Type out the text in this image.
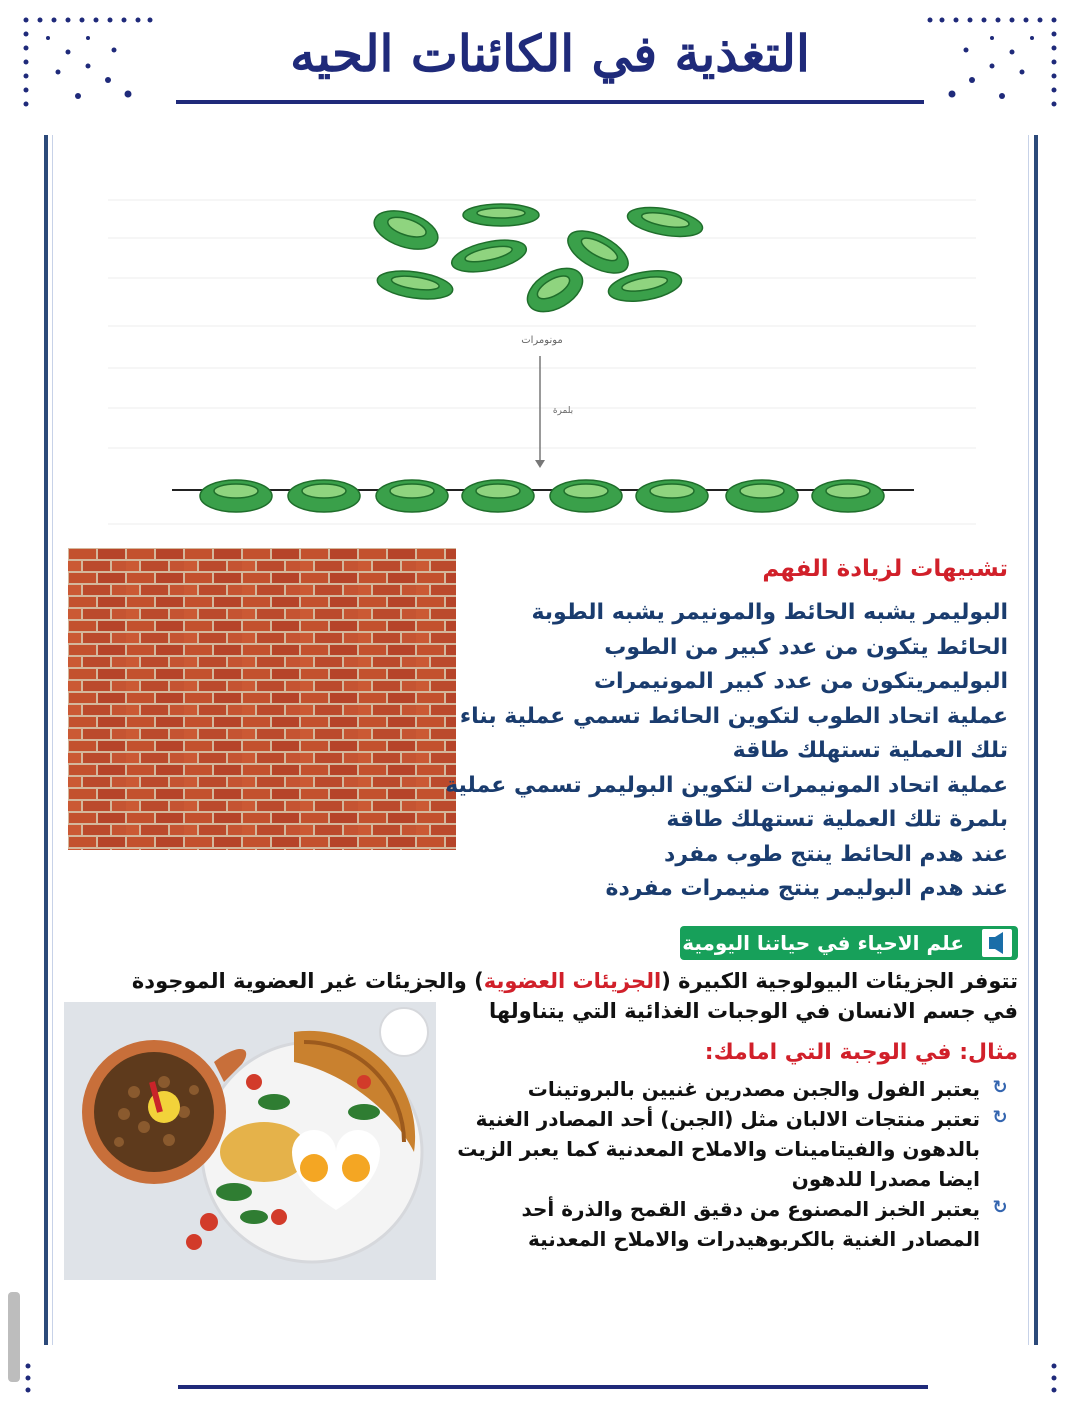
التغذية في الكائنات الحيه
مونومرات
بلمرة
تشبيهات لزيادة الفهم
البوليمر يشبه الحائط والمونيمر يشبه الطوبة
الحائط يتكون من عدد كبير من الطوب
البوليمريتكون من عدد كبير المونيمرات
عملية اتحاد الطوب لتكوين الحائط تسمي عملية بناء
تلك العملية تستهلك طاقة
عملية اتحاد المونيمرات لتكوين البوليمر تسمي عملية
بلمرة تلك العملية تستهلك طاقة
عند هدم الحائط ينتج طوب مفرد
عند هدم البوليمر ينتج منيمرات مفردة
علم الاحياء في حياتنا اليومية

تتوفر الجزيئات البيولوجية الكبيرة (الجزيئات العضوية) والجزيئات غير العضوية الموجودة في جسم الانسان في الوجبات الغذائية التي يتناولها

مثال: في الوجبة التي امامك:
↻
يعتبر الفول والجبن مصدرين غنيين بالبروتينات
↻
تعتبر منتجات الالبان مثل (الجبن) أحد المصادر الغنية بالدهون والفيتامينات والاملاح المعدنية كما يعبر الزيت ايضا مصدرا للدهون
↻
يعتبر الخبز المصنوع من دقيق القمح والذرة أحد المصادر الغنية بالكربوهيدرات والاملاح المعدنية
